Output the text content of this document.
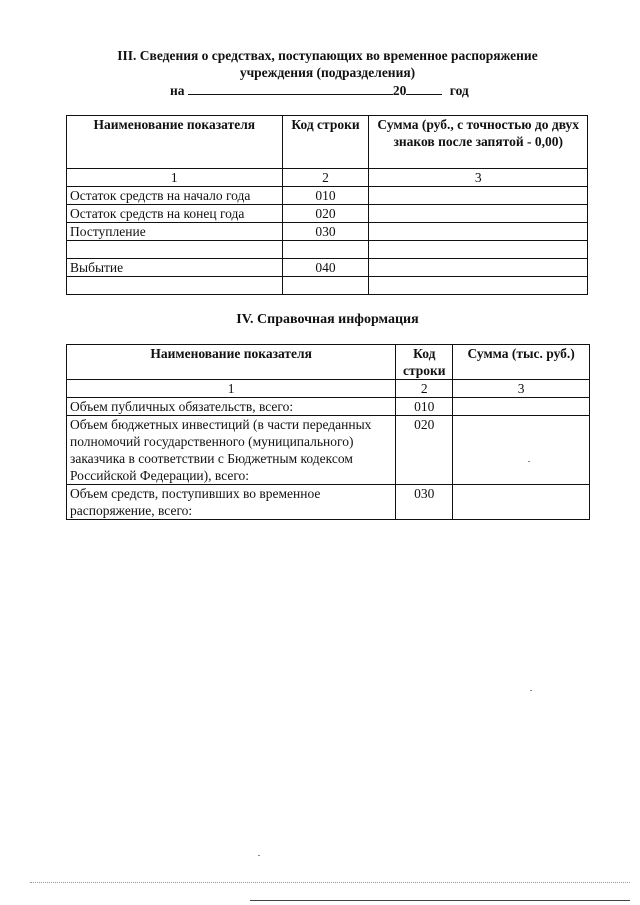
III. Сведения о средствах, поступающих во временное распоряжение
учреждения (подразделения)
на	20	год
Наименование показателя	Код строки	Сумма (руб., с точностью до двух знаков после запятой - 0,00)
1	2	3
Остаток средств на начало года	010	
Остаток средств на конец года	020	
Поступление	030	

Выбытие	040	

IV. Справочная информация
Наименование показателя	Код строки	Сумма (тыс. руб.)
1	2	3
Объем публичных обязательств, всего:	010	
Объем бюджетных инвестиций (в части переданных полномочий государственного (муниципального) заказчика в соответствии с Бюджетным кодексом Российской Федерации), всего:	020	
Объем средств, поступивших во временное распоряжение, всего:	030	
